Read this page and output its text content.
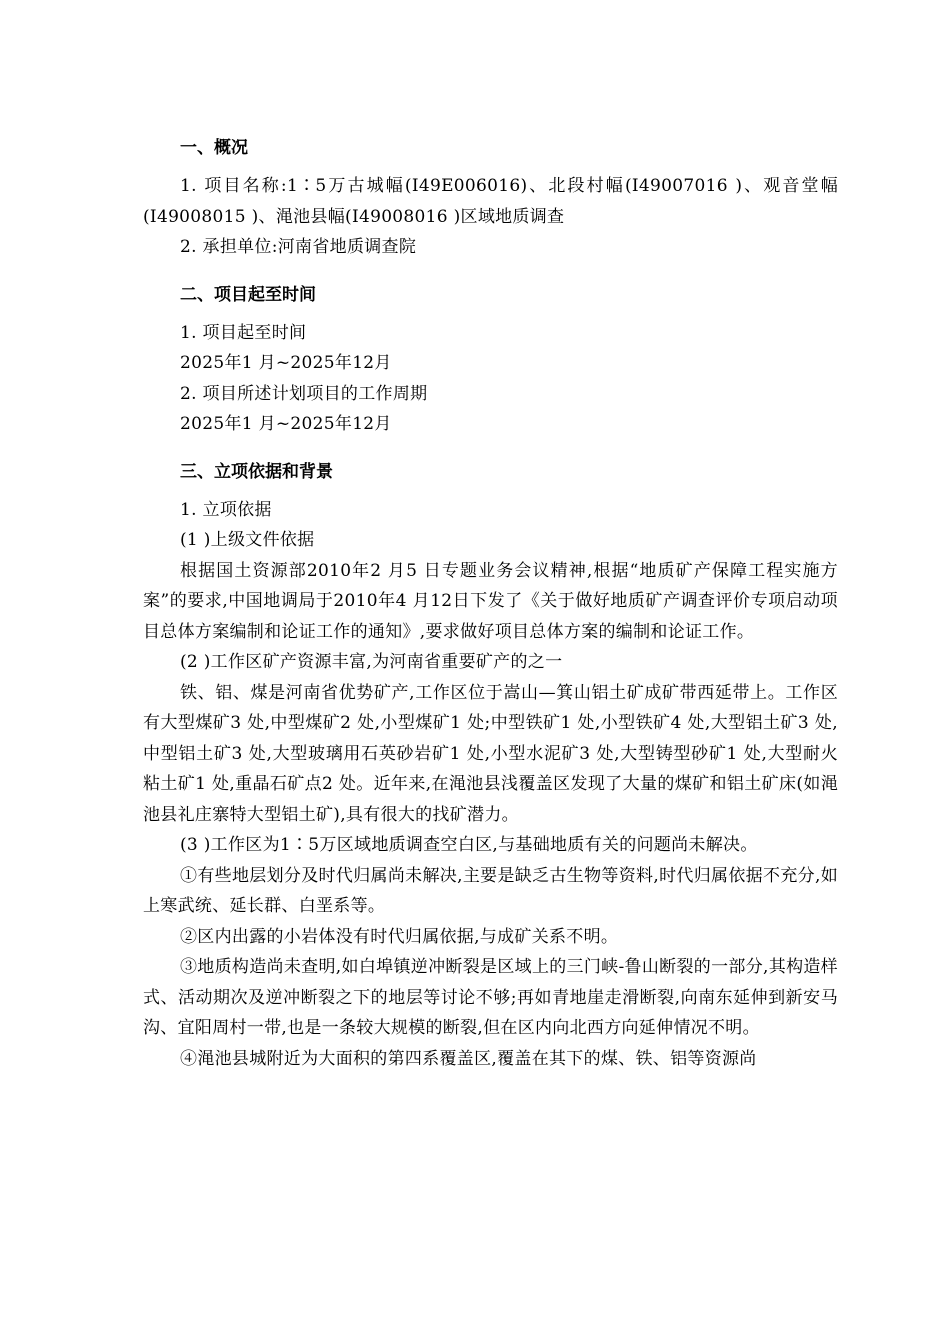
一、概况

1. 项目名称:1∶5万古城幅(I49E006016)、北段村幅(I49007016 )、观音堂幅(I49008015 )、渑池县幅(I49008016 )区域地质调查

2. 承担单位:河南省地质调查院

二、项目起至时间

1. 项目起至时间

2025年1 月~2025年12月

2. 项目所述计划项目的工作周期

2025年1 月~2025年12月

三、立项依据和背景

1. 立项依据

(1 )上级文件依据

根据国土资源部2010年2 月5 日专题业务会议精神,根据“地质矿产保障工程实施方案”的要求,中国地调局于2010年4 月12日下发了《关于做好地质矿产调查评价专项启动项目总体方案编制和论证工作的通知》,要求做好项目总体方案的编制和论证工作。

(2 )工作区矿产资源丰富,为河南省重要矿产的之一

铁、铝、煤是河南省优势矿产,工作区位于嵩山—箕山铝土矿成矿带西延带上。工作区有大型煤矿3 处,中型煤矿2 处,小型煤矿1 处;中型铁矿1 处,小型铁矿4 处,大型铝土矿3 处,中型铝土矿3 处,大型玻璃用石英砂岩矿1 处,小型水泥矿3 处,大型铸型砂矿1 处,大型耐火粘土矿1 处,重晶石矿点2 处。近年来,在渑池县浅覆盖区发现了大量的煤矿和铝土矿床(如渑池县礼庄寨特大型铝土矿),具有很大的找矿潜力。

(3 )工作区为1∶5万区域地质调查空白区,与基础地质有关的问题尚未解决。

①有些地层划分及时代归属尚未解决,主要是缺乏古生物等资料,时代归属依据不充分,如上寒武统、延长群、白垩系等。

②区内出露的小岩体没有时代归属依据,与成矿关系不明。

③地质构造尚未查明,如白埠镇逆冲断裂是区域上的三门峡-鲁山断裂的一部分,其构造样式、活动期次及逆冲断裂之下的地层等讨论不够;再如青地崖走滑断裂,向南东延伸到新安马沟、宜阳周村一带,也是一条较大规模的断裂,但在区内向北西方向延伸情况不明。

④渑池县城附近为大面积的第四系覆盖区,覆盖在其下的煤、铁、铝等资源尚
